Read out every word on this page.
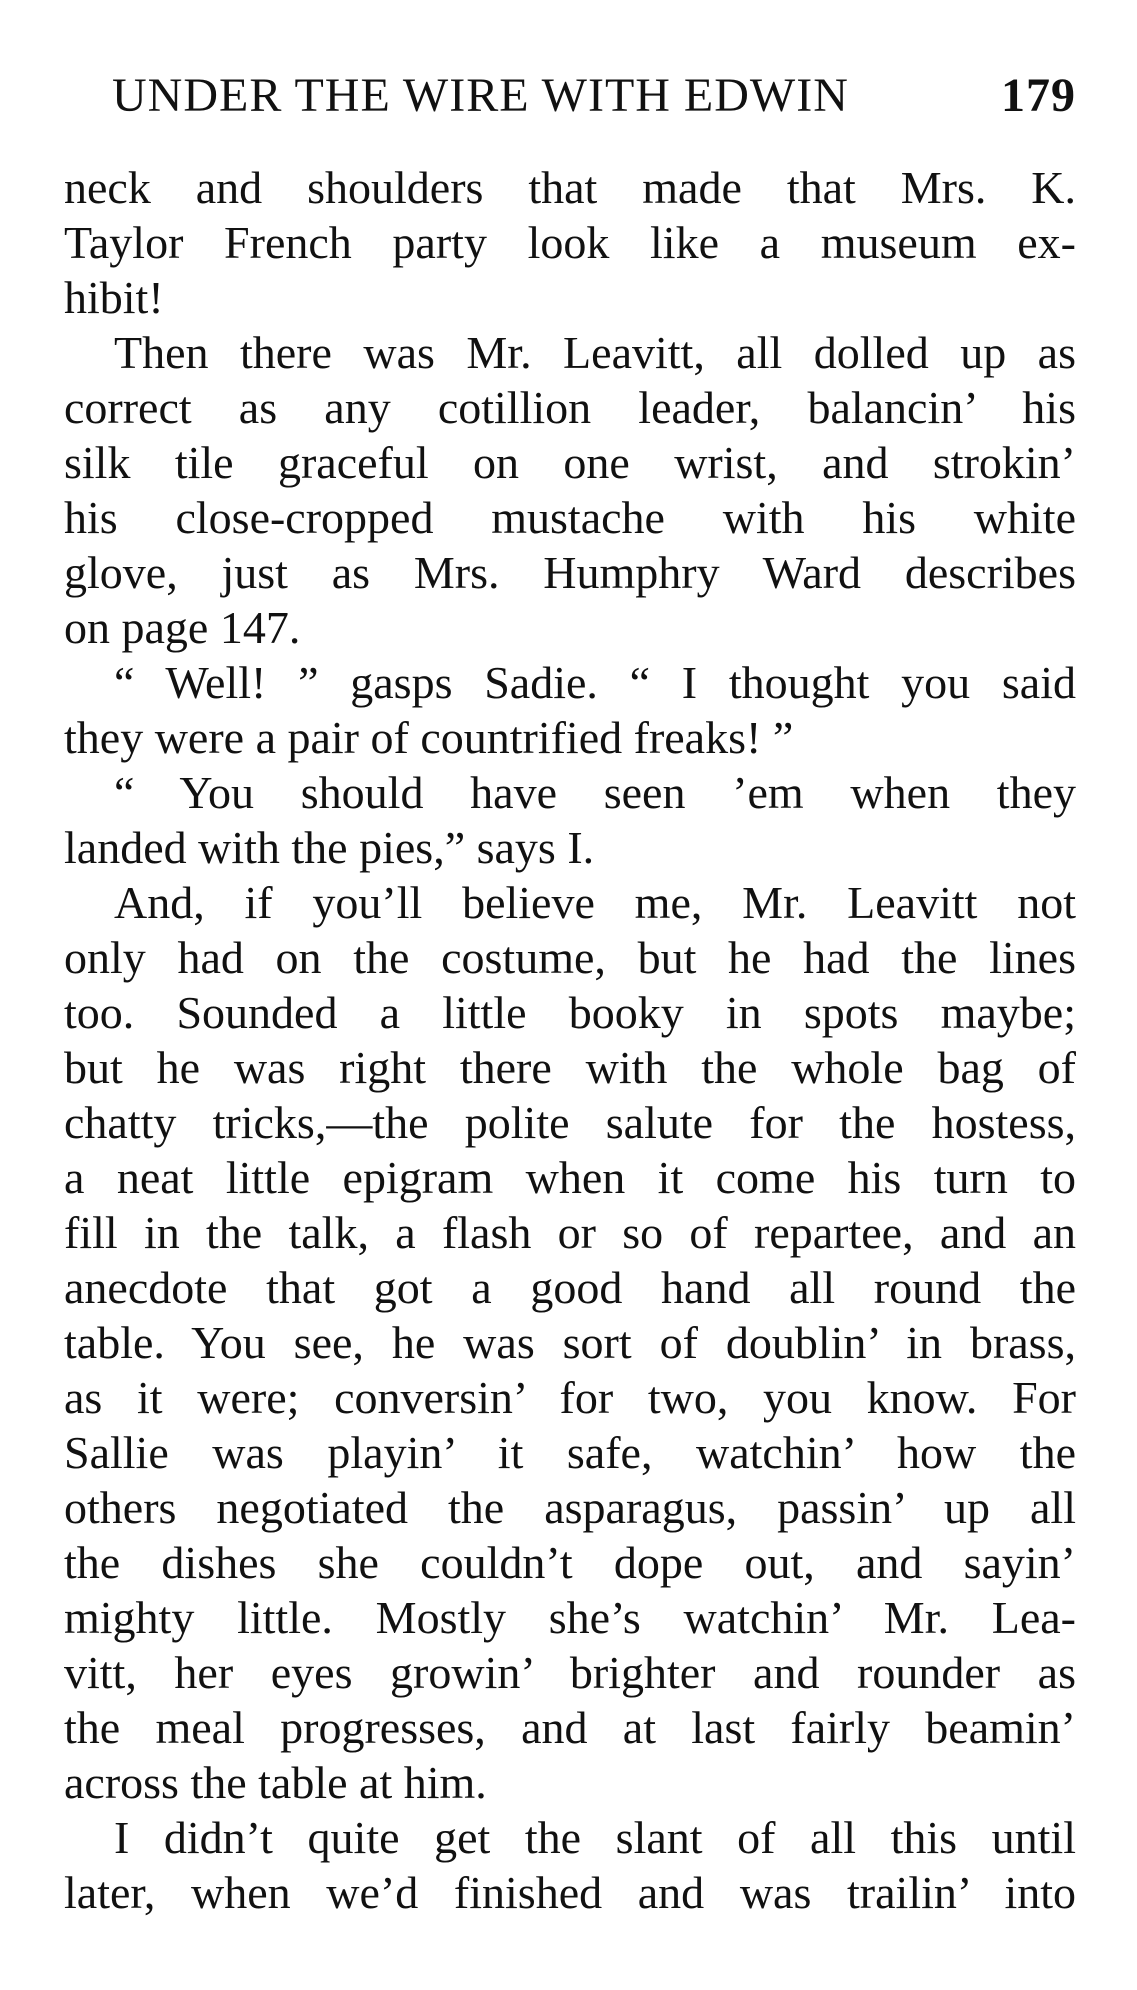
UNDER THE WIRE WITH EDWIN	179
neck and shoulders that made that Mrs. K.
Taylor French party look like a museum ex-
hibit!
Then there was Mr. Leavitt, all dolled up as
correct as any cotillion leader, balancin’ his
silk tile graceful on one wrist, and strokin’
his close-cropped mustache with his white
glove, just as Mrs. Humphry Ward describes
on page 147.
“ Well! ” gasps Sadie. “ I thought you said
they were a pair of countrified freaks! ”
“ You should have seen ’em when they
landed with the pies,” says I.
And, if you’ll believe me, Mr. Leavitt not
only had on the costume, but he had the lines
too. Sounded a little booky in spots maybe;
but he was right there with the whole bag of
chatty tricks,—the polite salute for the hostess,
a neat little epigram when it come his turn to
fill in the talk, a flash or so of repartee, and an
anecdote that got a good hand all round the
table. You see, he was sort of doublin’ in brass,
as it were; conversin’ for two, you know. For
Sallie was playin’ it safe, watchin’ how the
others negotiated the asparagus, passin’ up all
the dishes she couldn’t dope out, and sayin’
mighty little. Mostly she’s watchin’ Mr. Lea-
vitt, her eyes growin’ brighter and rounder as
the meal progresses, and at last fairly beamin’
across the table at him.
I didn’t quite get the slant of all this until
later, when we’d finished and was trailin’ into
